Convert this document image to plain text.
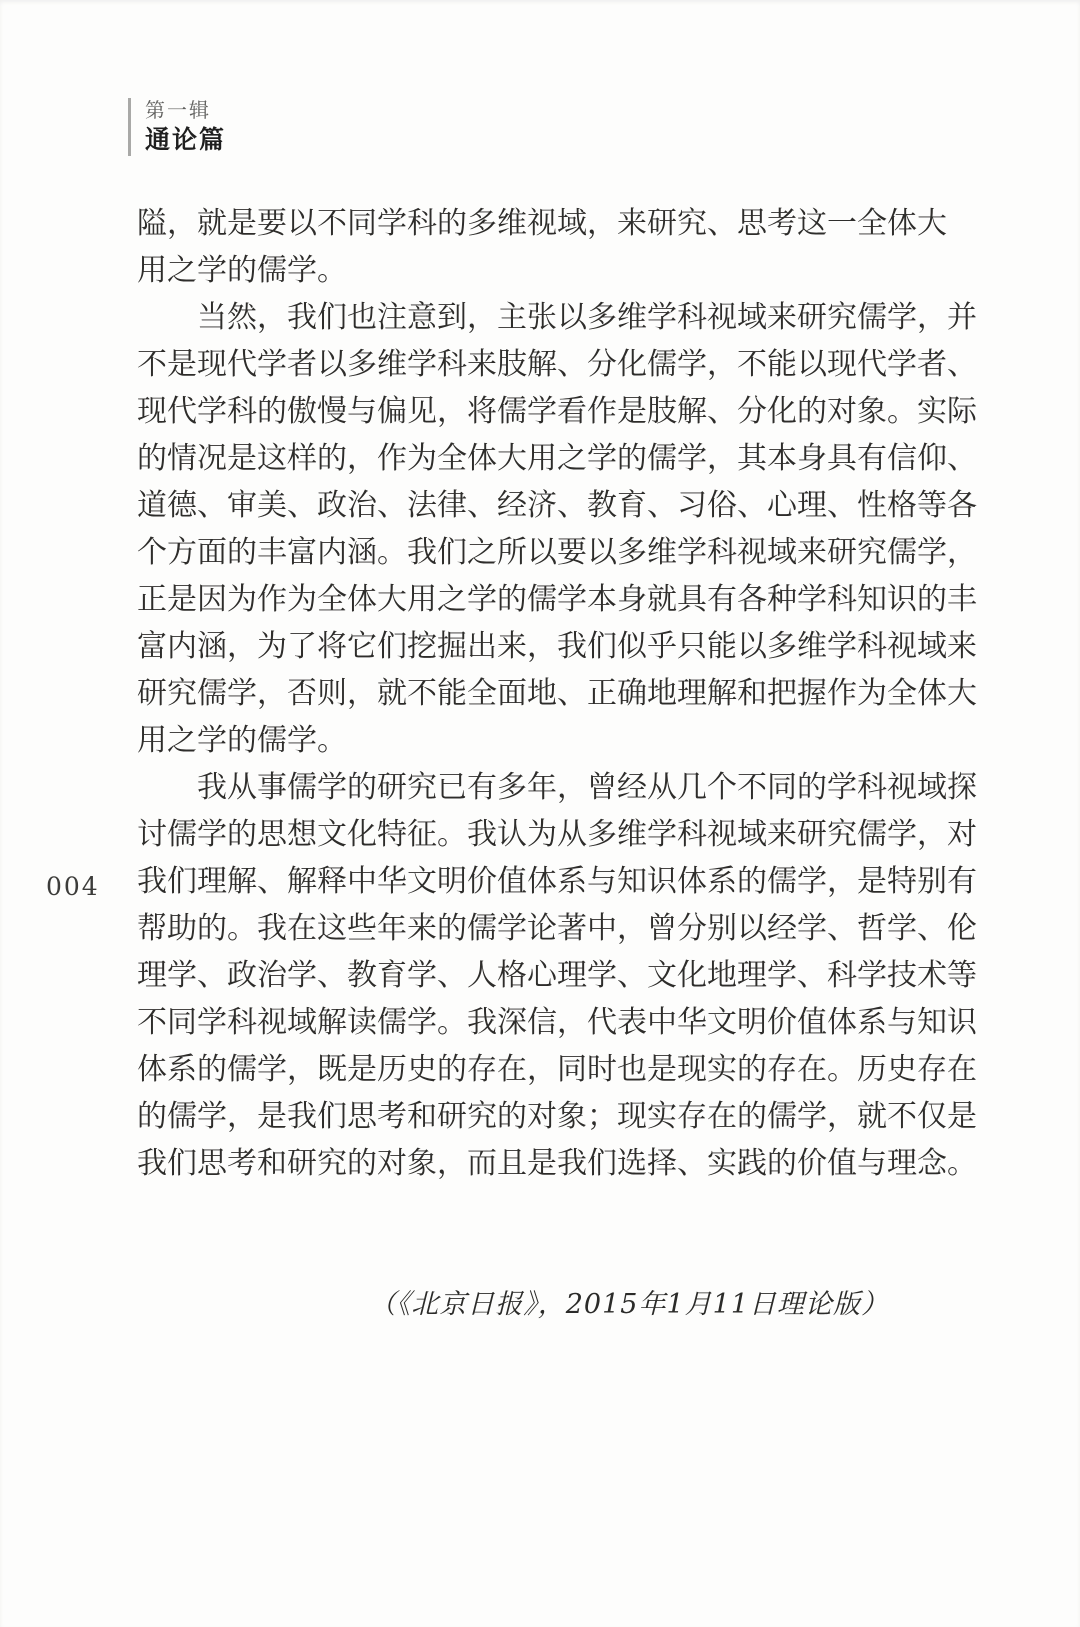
第一辑
通论篇
004
隘，就是要以不同学科的多维视域，来研究、思考这一全体大
用之学的儒学。
当然，我们也注意到，主张以多维学科视域来研究儒学，并
不是现代学者以多维学科来肢解、分化儒学，不能以现代学者、
现代学科的傲慢与偏见，将儒学看作是肢解、分化的对象。实际
的情况是这样的，作为全体大用之学的儒学，其本身具有信仰、
道德、审美、政治、法律、经济、教育、习俗、心理、性格等各
个方面的丰富内涵。我们之所以要以多维学科视域来研究儒学，
正是因为作为全体大用之学的儒学本身就具有各种学科知识的丰
富内涵，为了将它们挖掘出来，我们似乎只能以多维学科视域来
研究儒学，否则，就不能全面地、正确地理解和把握作为全体大
用之学的儒学。
我从事儒学的研究已有多年，曾经从几个不同的学科视域探
讨儒学的思想文化特征。我认为从多维学科视域来研究儒学，对
我们理解、解释中华文明价值体系与知识体系的儒学，是特别有
帮助的。我在这些年来的儒学论著中，曾分别以经学、哲学、伦
理学、政治学、教育学、人格心理学、文化地理学、科学技术等
不同学科视域解读儒学。我深信，代表中华文明价值体系与知识
体系的儒学，既是历史的存在，同时也是现实的存在。历史存在
的儒学，是我们思考和研究的对象；现实存在的儒学，就不仅是
我们思考和研究的对象，而且是我们选择、实践的价值与理念。
（《北京日报》，2015年1月11日理论版）
